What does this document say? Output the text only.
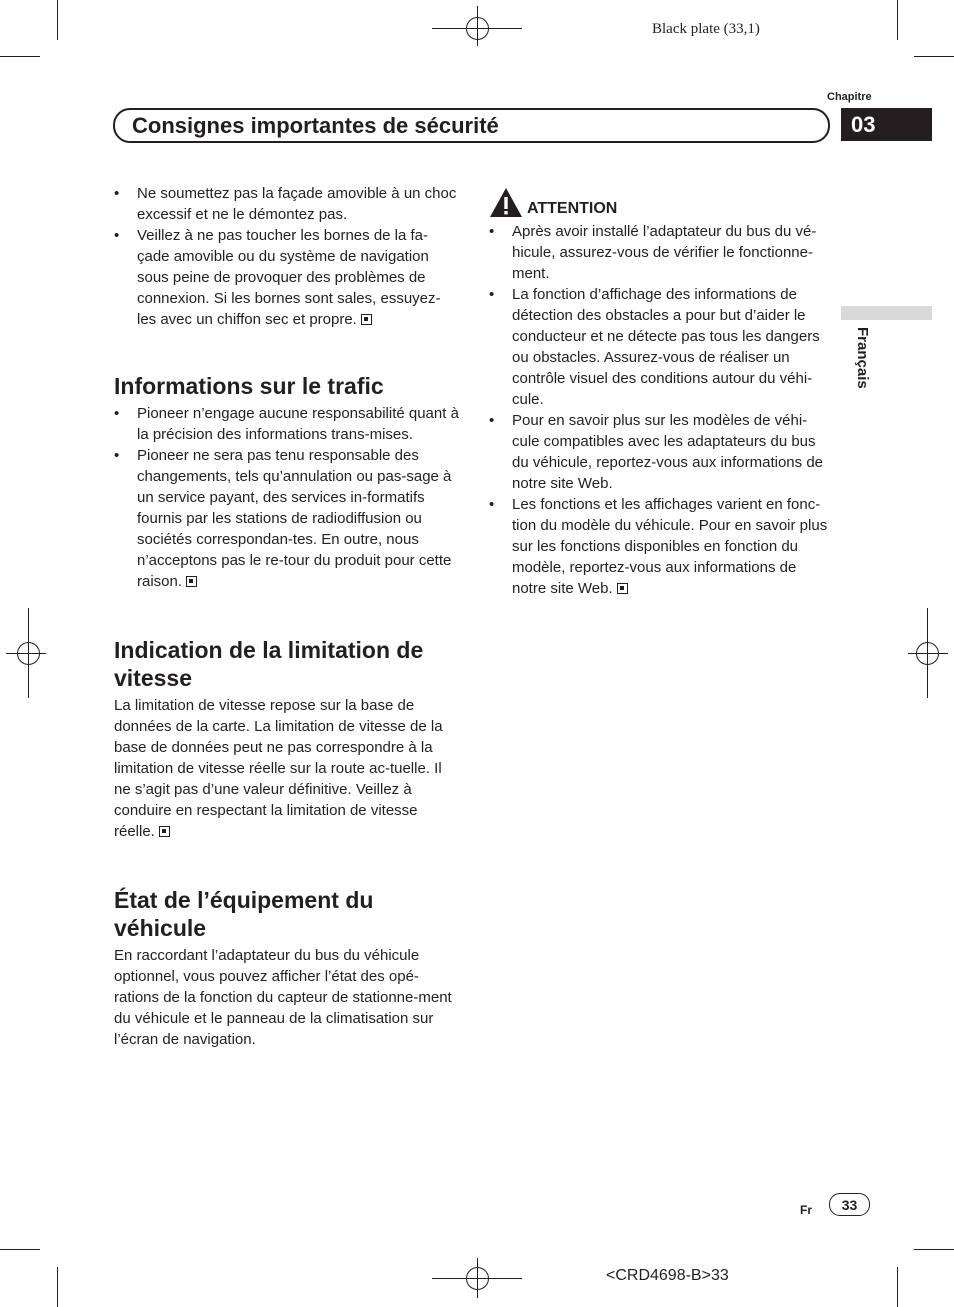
Black plate (33,1)
Chapitre
03
Consignes importantes de sécurité
Français
• Ne soumettez pas la façade amovible à un choc excessif et ne le démontez pas.
• Veillez à ne pas toucher les bornes de la fa-çade amovible ou du système de navigation sous peine de provoquer des problèmes de connexion. Si les bornes sont sales, essuyez-les avec un chiffon sec et propre.
Informations sur le trafic
• Pioneer n’engage aucune responsabilité quant à la précision des informations trans-mises.
• Pioneer ne sera pas tenu responsable des changements, tels qu’annulation ou pas-sage à un service payant, des services in-formatifs fournis par les stations de radiodiffusion ou sociétés correspondan-tes. En outre, nous n’acceptons pas le re-tour du produit pour cette raison.
Indication de la limitation de vitesse

La limitation de vitesse repose sur la base de données de la carte. La limitation de vitesse de la base de données peut ne pas correspondre à la limitation de vitesse réelle sur la route ac-tuelle. Il ne s’agit pas d’une valeur définitive. Veillez à conduire en respectant la limitation de vitesse réelle.

État de l’équipement du véhicule

En raccordant l’adaptateur du bus du véhicule optionnel, vous pouvez afficher l’état des opé-rations de la fonction du capteur de stationne-ment du véhicule et le panneau de la climatisation sur l’écran de navigation.

ATTENTION
• Après avoir installé l’adaptateur du bus du vé-hicule, assurez-vous de vérifier le fonctionne-ment.
• La fonction d’affichage des informations de détection des obstacles a pour but d’aider le conducteur et ne détecte pas tous les dangers ou obstacles. Assurez-vous de réaliser un contrôle visuel des conditions autour du véhi-cule.
• Pour en savoir plus sur les modèles de véhi-cule compatibles avec les adaptateurs du bus du véhicule, reportez-vous aux informations de notre site Web.
• Les fonctions et les affichages varient en fonc-tion du modèle du véhicule. Pour en savoir plus sur les fonctions disponibles en fonction du modèle, reportez-vous aux informations de notre site Web.
Fr	33
<CRD4698-B>33
